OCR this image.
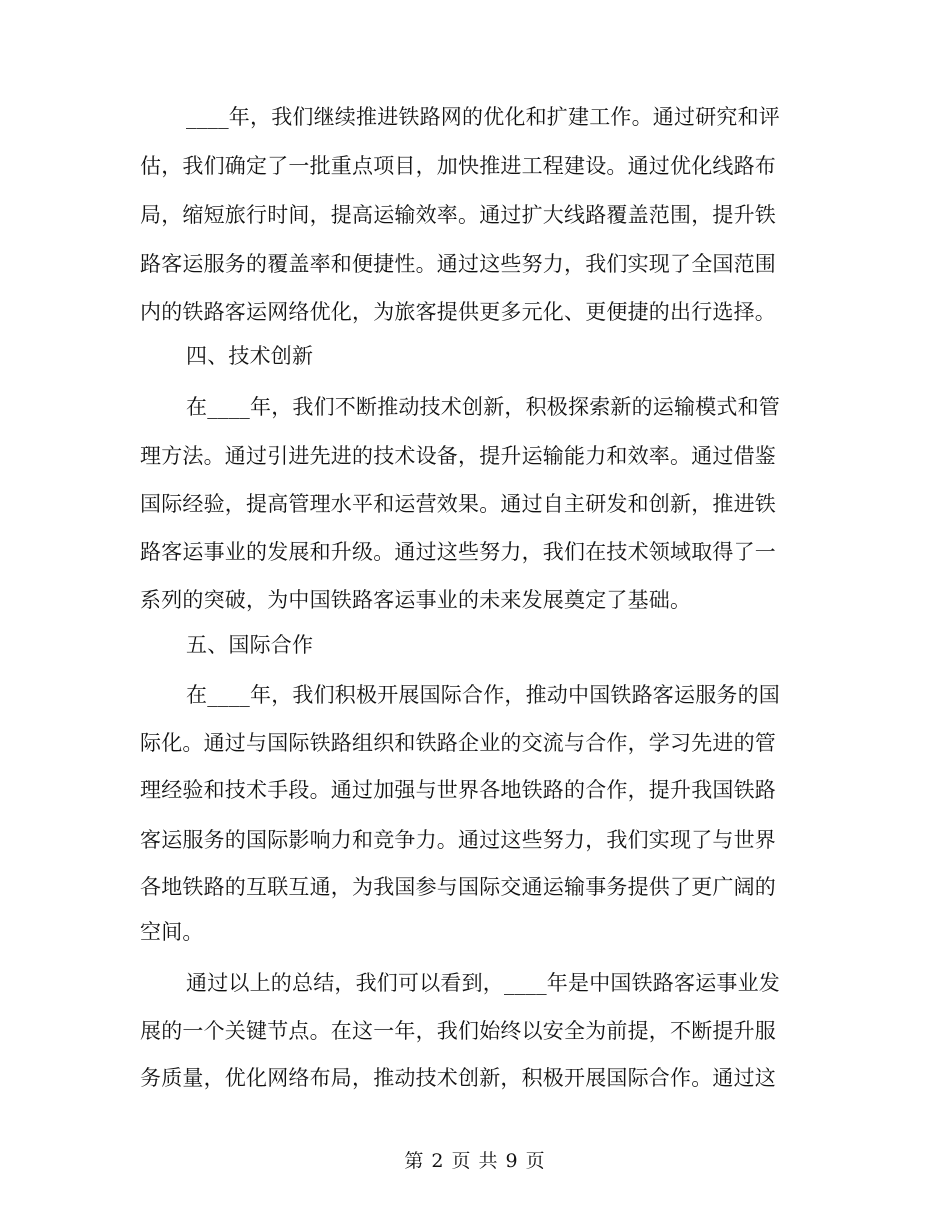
____年，我们继续推进铁路网的优化和扩建工作。通过研究和评
估，我们确定了一批重点项目，加快推进工程建设。通过优化线路布
局，缩短旅行时间，提高运输效率。通过扩大线路覆盖范围，提升铁
路客运服务的覆盖率和便捷性。通过这些努力，我们实现了全国范围
内的铁路客运网络优化，为旅客提供更多元化、更便捷的出行选择。
四、技术创新
在____年，我们不断推动技术创新，积极探索新的运输模式和管
理方法。通过引进先进的技术设备，提升运输能力和效率。通过借鉴
国际经验，提高管理水平和运营效果。通过自主研发和创新，推进铁
路客运事业的发展和升级。通过这些努力，我们在技术领域取得了一
系列的突破，为中国铁路客运事业的未来发展奠定了基础。
五、国际合作
在____年，我们积极开展国际合作，推动中国铁路客运服务的国
际化。通过与国际铁路组织和铁路企业的交流与合作，学习先进的管
理经验和技术手段。通过加强与世界各地铁路的合作，提升我国铁路
客运服务的国际影响力和竞争力。通过这些努力，我们实现了与世界
各地铁路的互联互通，为我国参与国际交通运输事务提供了更广阔的
空间。
通过以上的总结，我们可以看到，____年是中国铁路客运事业发
展的一个关键节点。在这一年，我们始终以安全为前提，不断提升服
务质量，优化网络布局，推动技术创新，积极开展国际合作。通过这
第 2 页 共 9 页
